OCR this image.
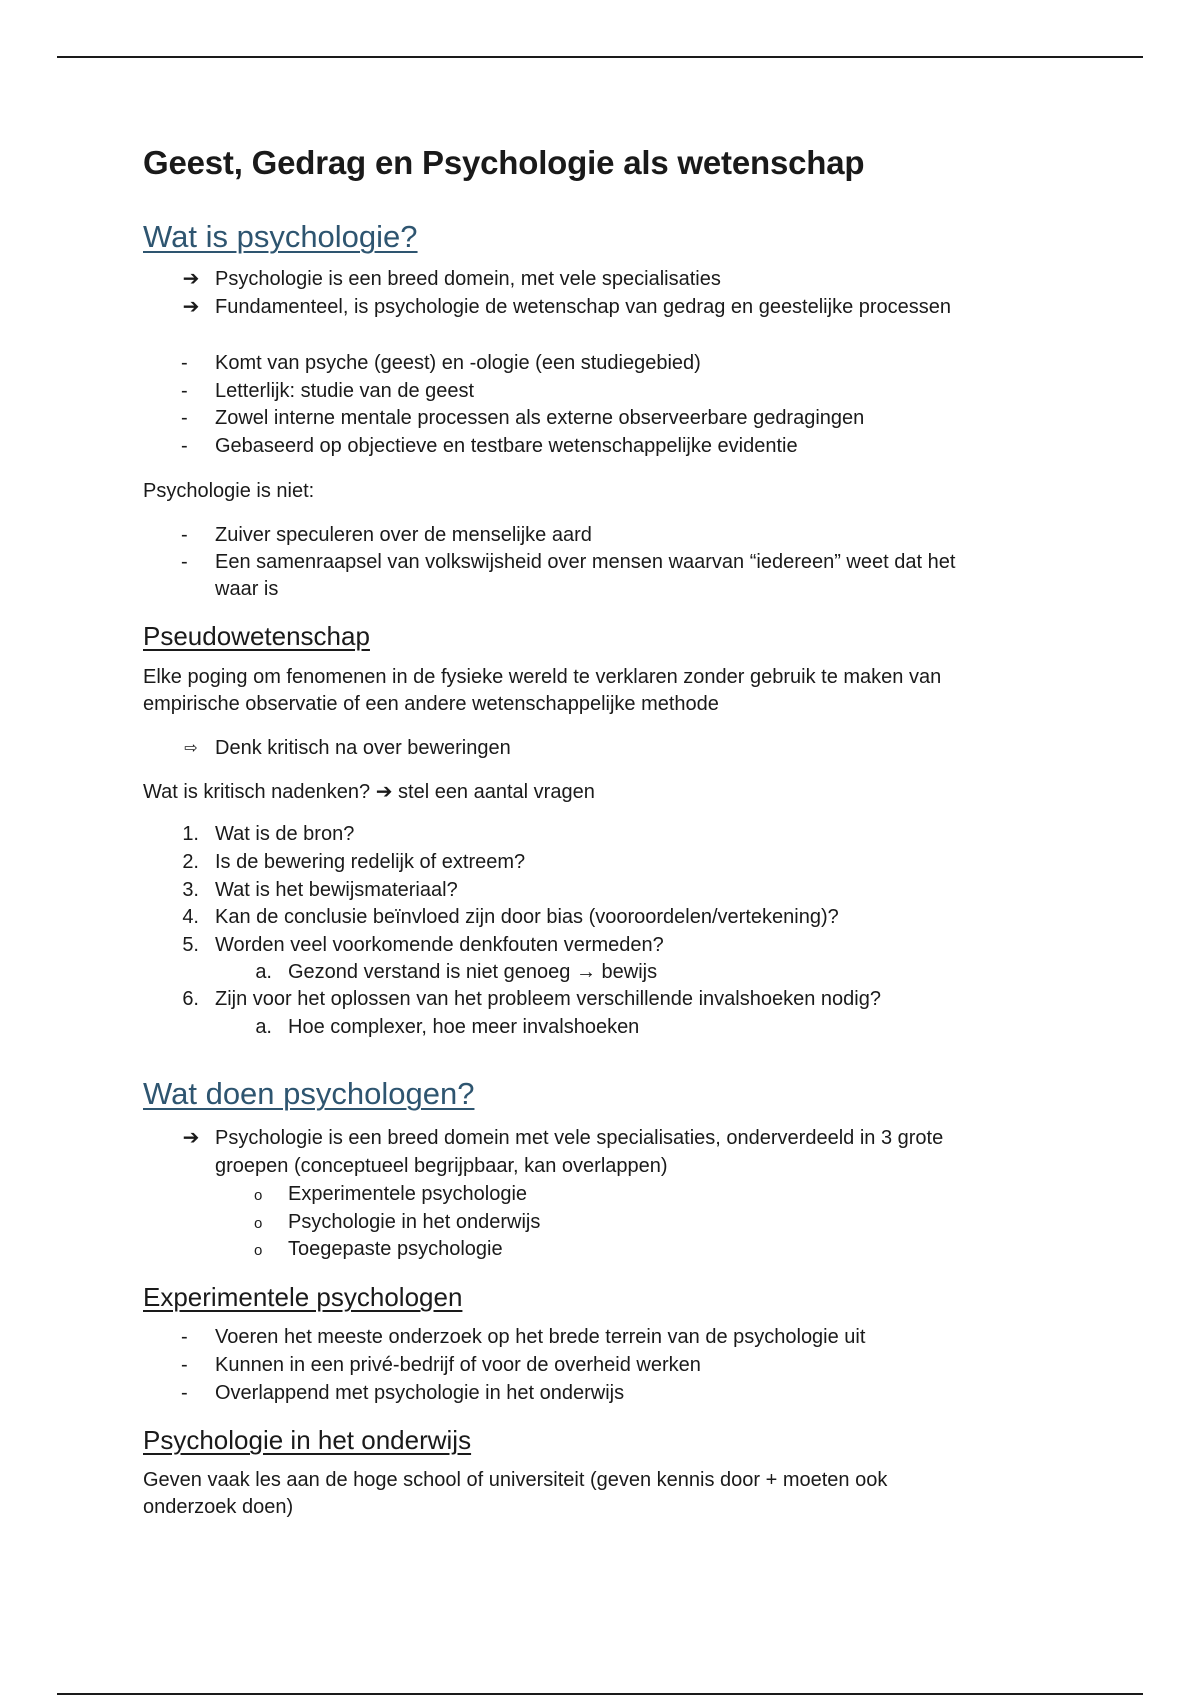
Geest, Gedrag en Psychologie als wetenschap
Wat is psychologie?
➔ Psychologie is een breed domein, met vele specialisaties
➔ Fundamenteel, is psychologie de wetenschap van gedrag en geestelijke processen
- Komt van psyche (geest) en -ologie (een studiegebied)
- Letterlijk: studie van de geest
- Zowel interne mentale processen als externe observeerbare gedragingen
- Gebaseerd op objectieve en testbare wetenschappelijke evidentie
Psychologie is niet:
- Zuiver speculeren over de menselijke aard
- Een samenraapsel van volkswijsheid over mensen waarvan “iedereen” weet dat het
waar is
Pseudowetenschap
Elke poging om fenomenen in de fysieke wereld te verklaren zonder gebruik te maken van
empirische observatie of een andere wetenschappelijke methode
⇨ Denk kritisch na over beweringen
Wat is kritisch nadenken? ➔ stel een aantal vragen
1. Wat is de bron?
2. Is de bewering redelijk of extreem?
3. Wat is het bewijsmateriaal?
4. Kan de conclusie beïnvloed zijn door bias (vooroordelen/vertekening)?
5. Worden veel voorkomende denkfouten vermeden?
a. Gezond verstand is niet genoeg → bewijs
6. Zijn voor het oplossen van het probleem verschillende invalshoeken nodig?
a. Hoe complexer, hoe meer invalshoeken
Wat doen psychologen?
➔ Psychologie is een breed domein met vele specialisaties, onderverdeeld in 3 grote
groepen (conceptueel begrijpbaar, kan overlappen)
o Experimentele psychologie
o Psychologie in het onderwijs
o Toegepaste psychologie
Experimentele psychologen
- Voeren het meeste onderzoek op het brede terrein van de psychologie uit
- Kunnen in een privé-bedrijf of voor de overheid werken
- Overlappend met psychologie in het onderwijs
Psychologie in het onderwijs
Geven vaak les aan de hoge school of universiteit (geven kennis door + moeten ook
onderzoek doen)
